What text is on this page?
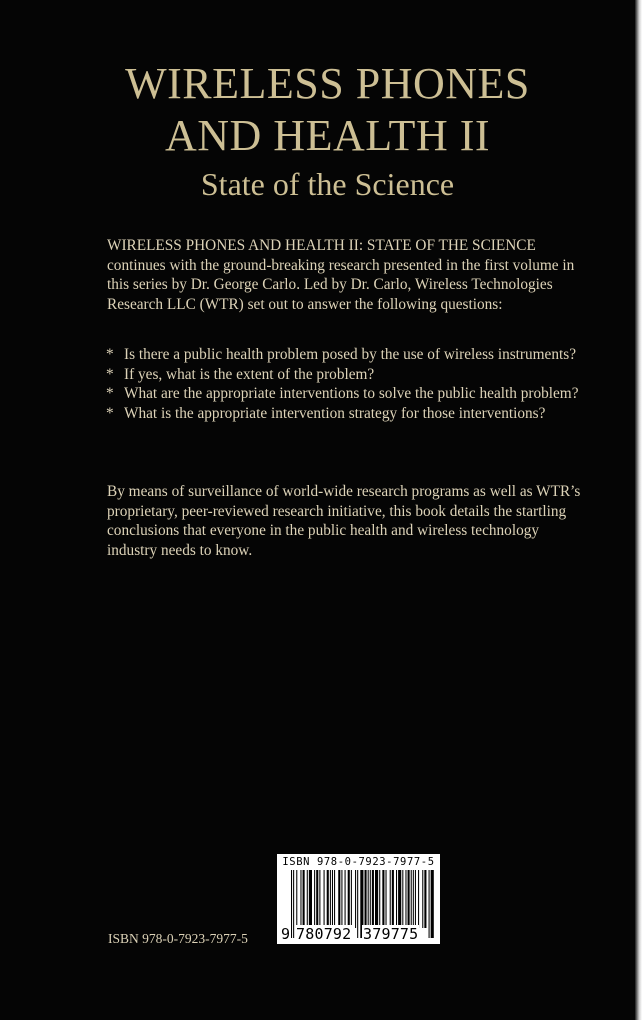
WIRELESS PHONES
AND HEALTH II
State of the Science
WIRELESS PHONES AND HEALTH II: STATE OF THE SCIENCE continues with the ground-breaking research presented in the first volume in this series by Dr. George Carlo. Led by Dr. Carlo, Wireless Technologies Research LLC (WTR) set out to answer the following questions:
* Is there a public health problem posed by the use of wireless instruments?
* If yes, what is the extent of the problem?
* What are the appropriate interventions to solve the public health problem?
* What is the appropriate intervention strategy for those interventions?
By means of surveillance of world-wide research programs as well as WTR’s proprietary, peer-reviewed research initiative, this book details the startling conclusions that everyone in the public health and wireless technology industry needs to know.
ISBN 978-0-7923-7977-5
ISBN 978-0-7923-7977-5
9 780792 379775
